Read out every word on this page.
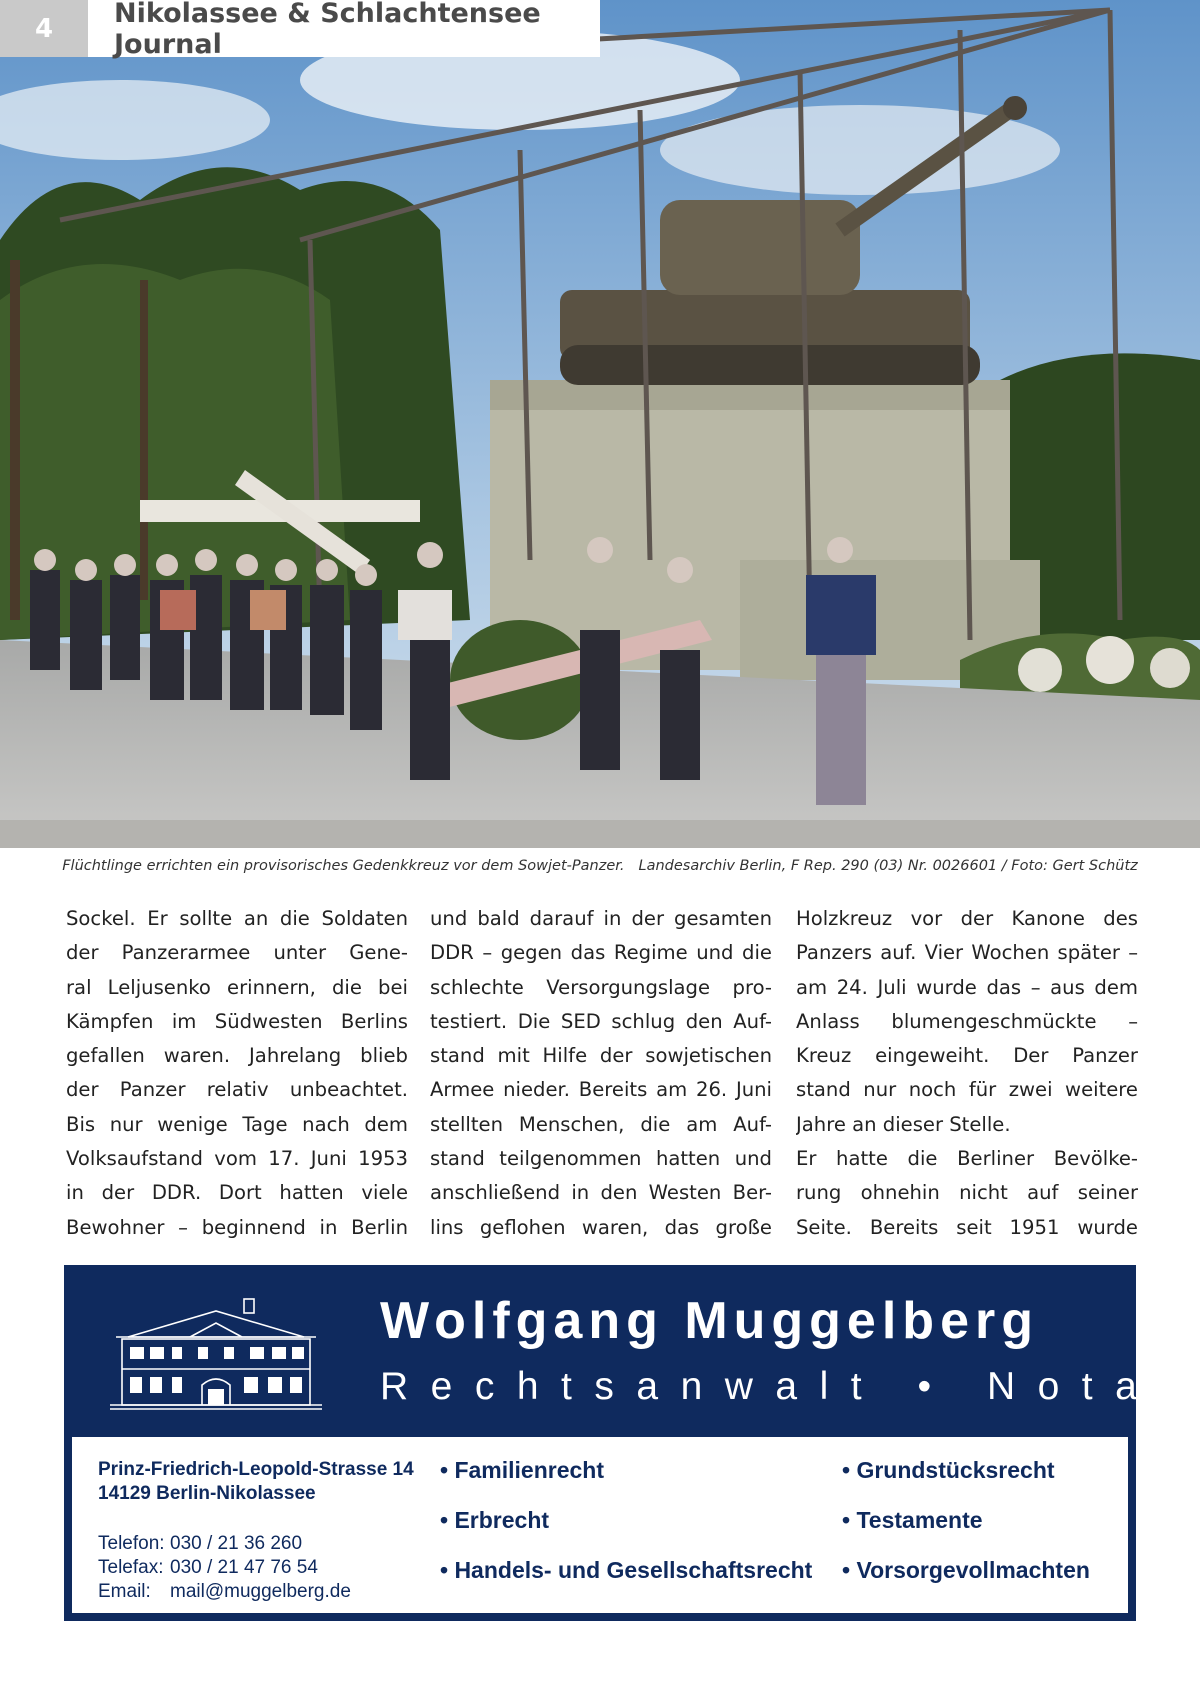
4	Nikolassee & Schlachtensee Journal
Flüchtlinge errichten ein provisorisches Gedenkkreuz vor dem Sowjet-Panzer. Landesarchiv Berlin, F Rep. 290 (03) Nr. 0026601 / Foto: Gert Schütz
Sockel. Er sollte an die Soldaten
der Panzerarmee unter Gene-
ral Leljusenko erinnern, die bei
Kämpfen im Südwesten Berlins
gefallen waren. Jahrelang blieb
der Panzer relativ unbeachtet.
Bis nur wenige Tage nach dem
Volksaufstand vom 17. Juni 1953
in der DDR. Dort hatten viele
Bewohner – beginnend in Berlin
und bald darauf in der gesamten
DDR – gegen das Regime und die
schlechte Versorgungslage pro-
testiert. Die SED schlug den Auf-
stand mit Hilfe der sowjetischen
Armee nieder. Bereits am 26. Juni
stellten Menschen, die am Auf-
stand teilgenommen hatten und
anschließend in den Westen Ber-
lins geflohen waren, das große
Holzkreuz vor der Kanone des
Panzers auf. Vier Wochen später –
am 24. Juli wurde das – aus dem
Anlass blumengeschmückte –
Kreuz eingeweiht. Der Panzer
stand nur noch für zwei weitere
Jahre an dieser Stelle.
Er hatte die Berliner Bevölke-
rung ohnehin nicht auf seiner
Seite. Bereits seit 1951 wurde
Wolfgang Muggelberg
Rechtsanwalt • Notar
Prinz-Friedrich-Leopold-Strasse 14
14129 Berlin-Nikolassee
Telefon: 030 / 21 36 260
Telefax: 030 / 21 47 76 54
Email: mail@muggelberg.de
• Familienrecht
• Erbrecht
• Handels- und Gesellschaftsrecht
• Grundstücksrecht
• Testamente
• Vorsorgevollmachten
